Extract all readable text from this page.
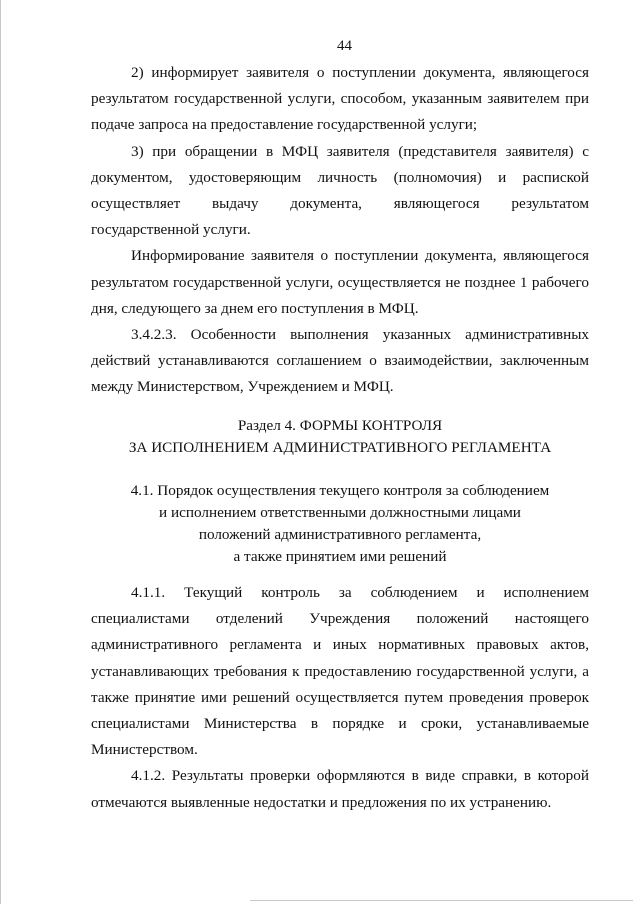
44

2) информирует заявителя о поступлении документа, являющегося результатом государственной услуги, способом, указанным заявителем при подаче запроса на предоставление государственной услуги;

3) при обращении в МФЦ заявителя (представителя заявителя) с документом, удостоверяющим личность (полномочия) и распиской осуществляет выдачу документа, являющегося результатом государственной услуги.

Информирование заявителя о поступлении документа, являющегося результатом государственной услуги, осуществляется не позднее 1 рабочего дня, следующего за днем его поступления в МФЦ.

3.4.2.3. Особенности выполнения указанных административных действий устанавливаются соглашением о взаимодействии, заключенным между Министерством, Учреждением и МФЦ.

Раздел 4. ФОРМЫ КОНТРОЛЯ
ЗА ИСПОЛНЕНИЕМ АДМИНИСТРАТИВНОГО РЕГЛАМЕНТА
4.1. Порядок осуществления текущего контроля за соблюдением
и исполнением ответственными должностными лицами
положений административного регламента,
а также принятием ими решений

4.1.1. Текущий контроль за соблюдением и исполнением специалистами отделений Учреждения положений настоящего административного регламента и иных нормативных правовых актов, устанавливающих требования к предоставлению государственной услуги, а также принятие ими решений осуществляется путем проведения проверок специалистами Министерства в порядке и сроки, устанавливаемые Министерством.

4.1.2. Результаты проверки оформляются в виде справки, в которой отмечаются выявленные недостатки и предложения по их устранению.
